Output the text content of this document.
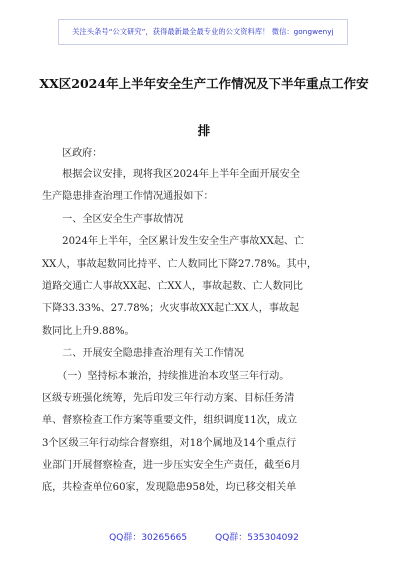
关注头条号“公文研究”，获得最新最全最专业的公文资料库！ 微信：gongwenyj
XX区2024年上半年安全生产工作情况及下半年重点工作安
排
区政府：
　　根据会议安排，现将我区2024年上半年全面开展安全
生产隐患排查治理工作情况通报如下：
　　一、全区安全生产事故情况
　　2024年上半年，全区累计发生安全生产事故XX起、亡
XX人，事故起数同比持平、亡人数同比下降27.78%。其中，
道路交通亡人事故XX起、亡XX人，事故起数、亡人数同比
下降33.33%、27.78%；火灾事故XX起亡XX人，事故起
数同比上升9.88%。
　　二、开展安全隐患排查治理有关工作情况
　　（一）坚持标本兼治，持续推进治本攻坚三年行动。
区级专班强化统筹，先后印发三年行动方案、目标任务清
单、督察检查工作方案等重要文件，组织调度11次，成立
3个区级三年行动综合督察组，对18个属地及14个重点行
业部门开展督察检查，进一步压实安全生产责任，截至6月
底，共检查单位60家，发现隐患958处，均已移交相关单
QQ群：30265665	QQ群：535304092
